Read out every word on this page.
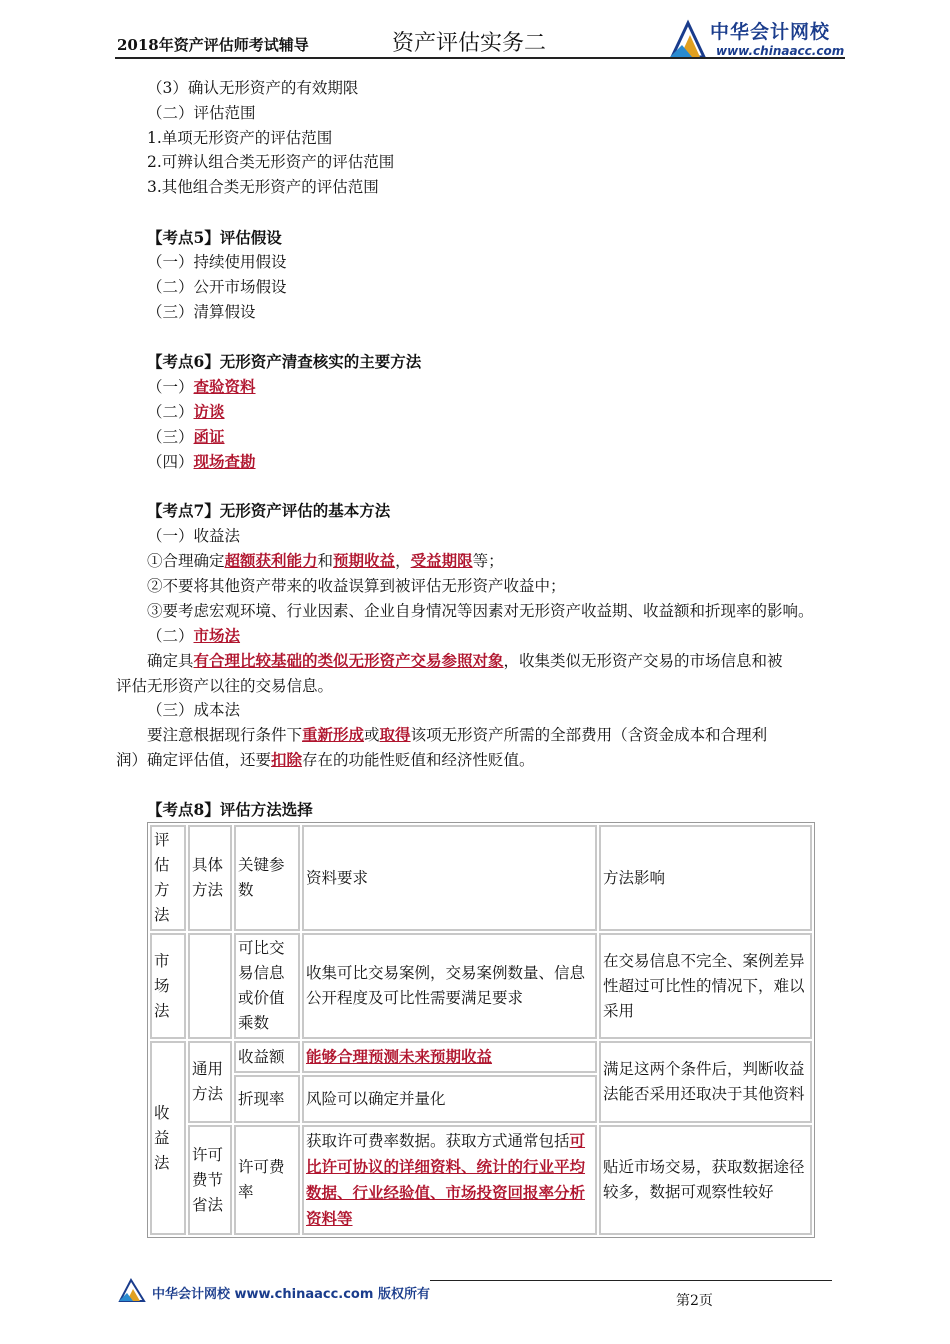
2018年资产评估师考试辅导	资产评估实务二	中华会计网校
www.chinaacc.com
（3）确认无形资产的有效期限
（二）评估范围
1.单项无形资产的评估范围
2.可辨认组合类无形资产的评估范围
3.其他组合类无形资产的评估范围
【考点5】评估假设
（一）持续使用假设
（二）公开市场假设
（三）清算假设
【考点6】无形资产清查核实的主要方法
（一）查验资料
（二）访谈
（三）函证
（四）现场查勘
【考点7】无形资产评估的基本方法
（一）收益法
①合理确定超额获利能力和预期收益，受益期限等；
②不要将其他资产带来的收益误算到被评估无形资产收益中；
③要考虑宏观环境、行业因素、企业自身情况等因素对无形资产收益期、收益额和折现率的影响。
（二）市场法
确定具有合理比较基础的类似无形资产交易参照对象，收集类似无形资产交易的市场信息和被
评估无形资产以往的交易信息。
（三）成本法
要注意根据现行条件下重新形成或取得该项无形资产所需的全部费用（含资金成本和合理利
润）确定评估值，还要扣除存在的功能性贬值和经济性贬值。
【考点8】评估方法选择
评估方法	具体方法	关键参数	资料要求	方法影响
市场法		可比交易信息或价值乘数	收集可比交易案例，交易案例数量、信息公开程度及可比性需要满足要求	在交易信息不完全、案例差异性超过可比性的情况下，难以采用
收益法	通用方法	收益额	能够合理预测未来预期收益	满足这两个条件后，判断收益法能否采用还取决于其他资料
		折现率	风险可以确定并量化	
	许可费节省法	许可费率	获取许可费率数据。获取方式通常包括可比许可协议的详细资料、统计的行业平均数据、行业经验值、市场投资回报率分析资料等	贴近市场交易，获取数据途径较多，数据可观察性较好
中华会计网校 www.chinaacc.com 版权所有	第2页
